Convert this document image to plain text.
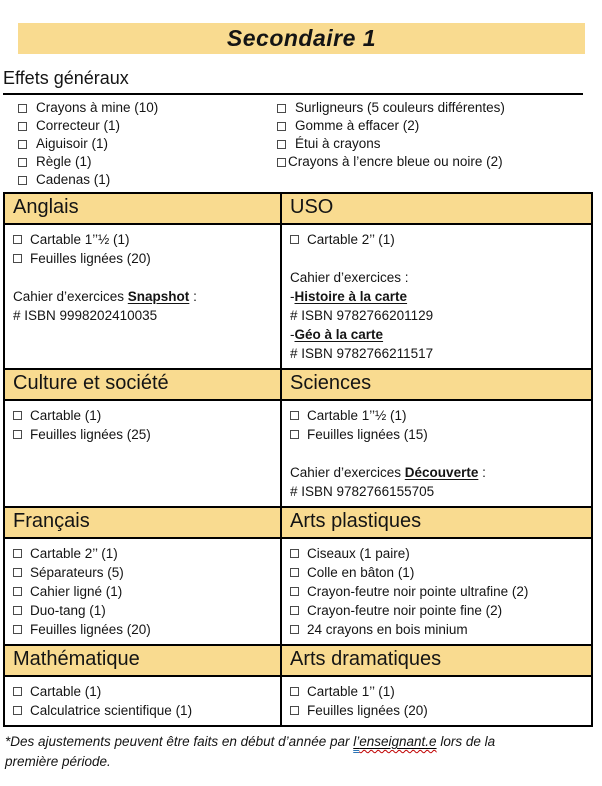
Secondaire 1
Effets généraux
Crayons à mine (10)
Correcteur (1)
Aiguisoir (1)
Règle (1)
Cadenas (1)
Surligneurs (5 couleurs différentes)
Gomme à effacer (2)
Étui à crayons
Crayons à l’encre bleue ou noire (2)
Anglais	USO

Cartable 1’’½ (1)
Feuilles lignées (20)
Cahier d’exercices Snapshot :
# ISBN 9998202410035

Cartable 2’’ (1)
Cahier d’exercices :
-Histoire à la carte
# ISBN 9782766201129
-Géo à la carte
# ISBN 9782766211517

Culture et société	Sciences

Cartable (1)
Feuilles lignées (25)

Cartable 1’’½ (1)
Feuilles lignées (15)
Cahier d’exercices Découverte :
# ISBN 9782766155705

Français	Arts plastiques

Cartable 2’’ (1)
Séparateurs (5)
Cahier ligné (1)
Duo-tang (1)
Feuilles lignées (20)

Ciseaux (1 paire)
Colle en bâton (1)
Crayon-feutre noir pointe ultrafine (2)
Crayon-feutre noir pointe fine (2)
24 crayons en bois minium

Mathématique	Arts dramatiques

Cartable (1)
Calculatrice scientifique (1)

Cartable 1’’ (1)
Feuilles lignées (20)
*Des ajustements peuvent être faits en début d’année par l’enseignant.e lors de la
première période.
